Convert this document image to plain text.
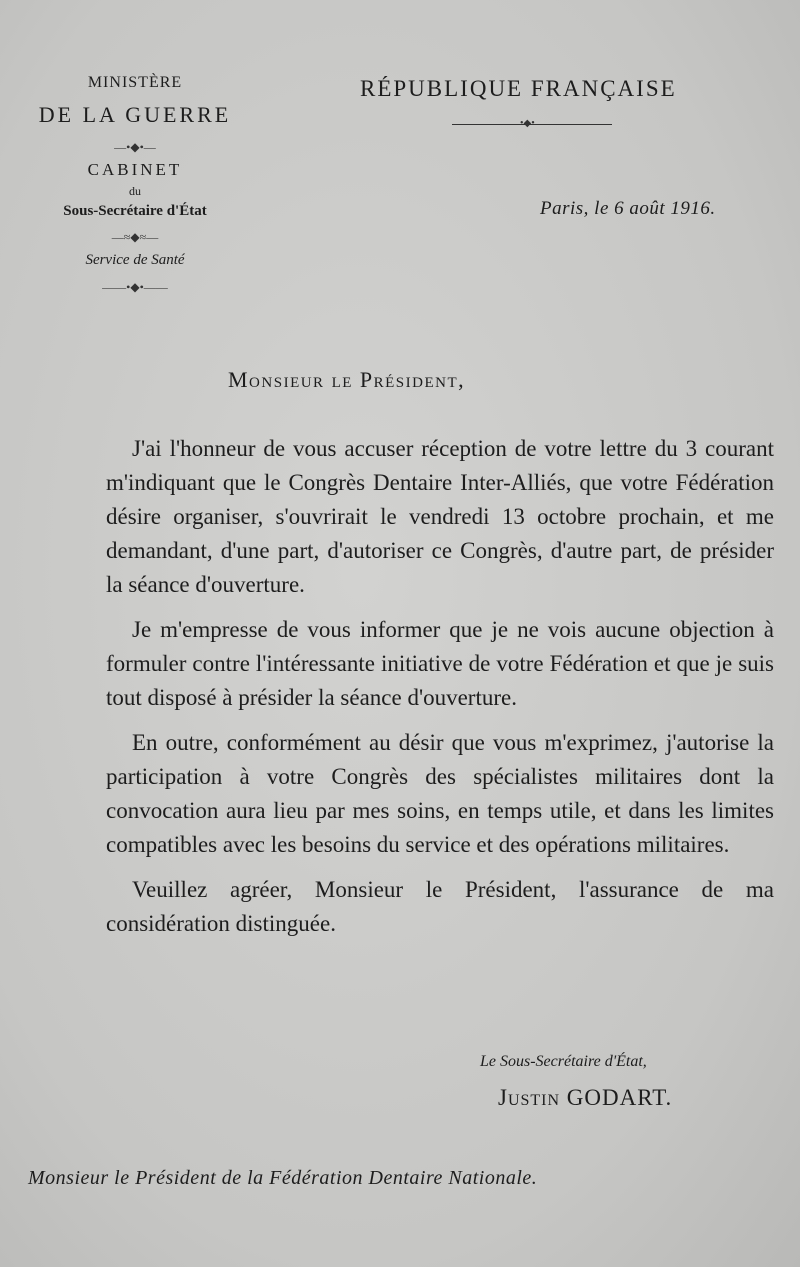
MINISTÈRE
DE LA GUERRE
—•◆•—
CABINET
du
Sous-Secrétaire d'État
—≈◆≈—
Service de Santé
——•◆•——
RÉPUBLIQUE FRANÇAISE
•◆•
Paris, le 6 août 1916.
Monsieur le Président,

J'ai l'honneur de vous accuser réception de votre lettre du 3 courant m'indiquant que le Congrès Dentaire Inter-Alliés, que votre Fédération désire organiser, s'ouvrirait le vendredi 13 octobre prochain, et me demandant, d'une part, d'autoriser ce Congrès, d'autre part, de présider la séance d'ouverture.

Je m'empresse de vous informer que je ne vois aucune objection à formuler contre l'intéressante initiative de votre Fédération et que je suis tout disposé à présider la séance d'ouverture.

En outre, conformément au désir que vous m'exprimez, j'autorise la participation à votre Congrès des spécialistes militaires dont la convocation aura lieu par mes soins, en temps utile, et dans les limites compatibles avec les besoins du service et des opérations militaires.

Veuillez agréer, Monsieur le Président, l'assurance de ma considération distinguée.

Le Sous-Secrétaire d'État,
Justin GODART.
Monsieur le Président de la Fédération Dentaire Nationale.
